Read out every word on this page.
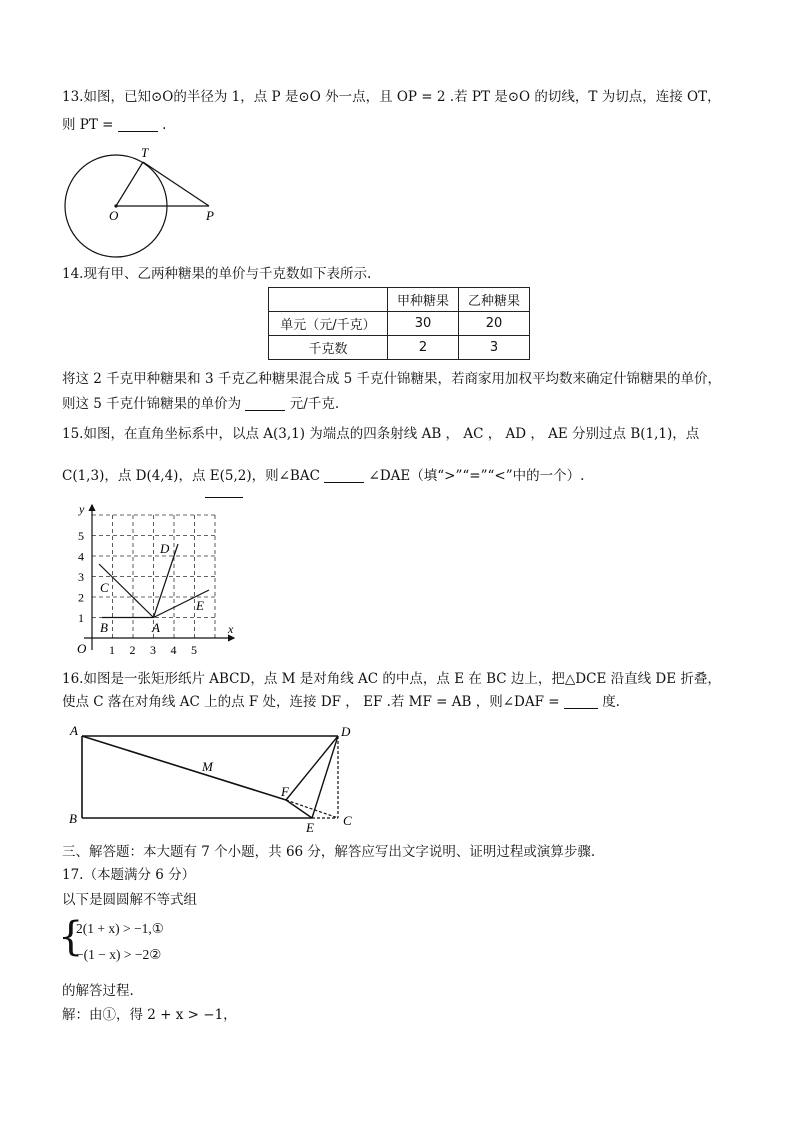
13.如图，已知⊙O的半径为 1，点 P 是⊙O 外一点，且 OP = 2 .若 PT 是⊙O 的切线，T 为切点，连接 OT，
则 PT =	.
T
O	P
14.现有甲、乙两种糖果的单价与千克数如下表所示.
	甲种糖果	乙种糖果
单元（元/千克）	30	20
千克数	2	3
将这 2 千克甲种糖果和 3 千克乙种糖果混合成 5 千克什锦糖果，若商家用加权平均数来确定什锦糖果的单价，
则这 5 千克什锦糖果的单价为	元/千克.
15.如图，在直角坐标系中，以点 A(3,1) 为端点的四条射线 AB ， AC ， AD ， AE 分别过点 B(1,1)，点
C(1,3)，点 D(4,4)，点 E(5,2)，则∠BAC	∠DAE（填“>”“=”“<”中的一个）.
x
y
O 1 2 3 4 5
1
2
3
4
5
A
B
C
D
E
16.如图是一张矩形纸片 ABCD，点 M 是对角线 AC 的中点，点 E 在 BC 边上，把△DCE 沿直线 DE 折叠，
使点 C 落在对角线 AC 上的点 F 处，连接 DF ， EF .若 MF = AB ，则∠DAF =	度.
A
B	C
D
E
F
M
三、解答题：本大题有 7 个小题，共 66 分，解答应写出文字说明、证明过程或演算步骤.
17.（本题满分 6 分）
以下是圆圆解不等式组
{
2(1 + x) > −1,①
−(1 − x) > −2②
的解答过程.
解：由①，得 2 + x > −1，
